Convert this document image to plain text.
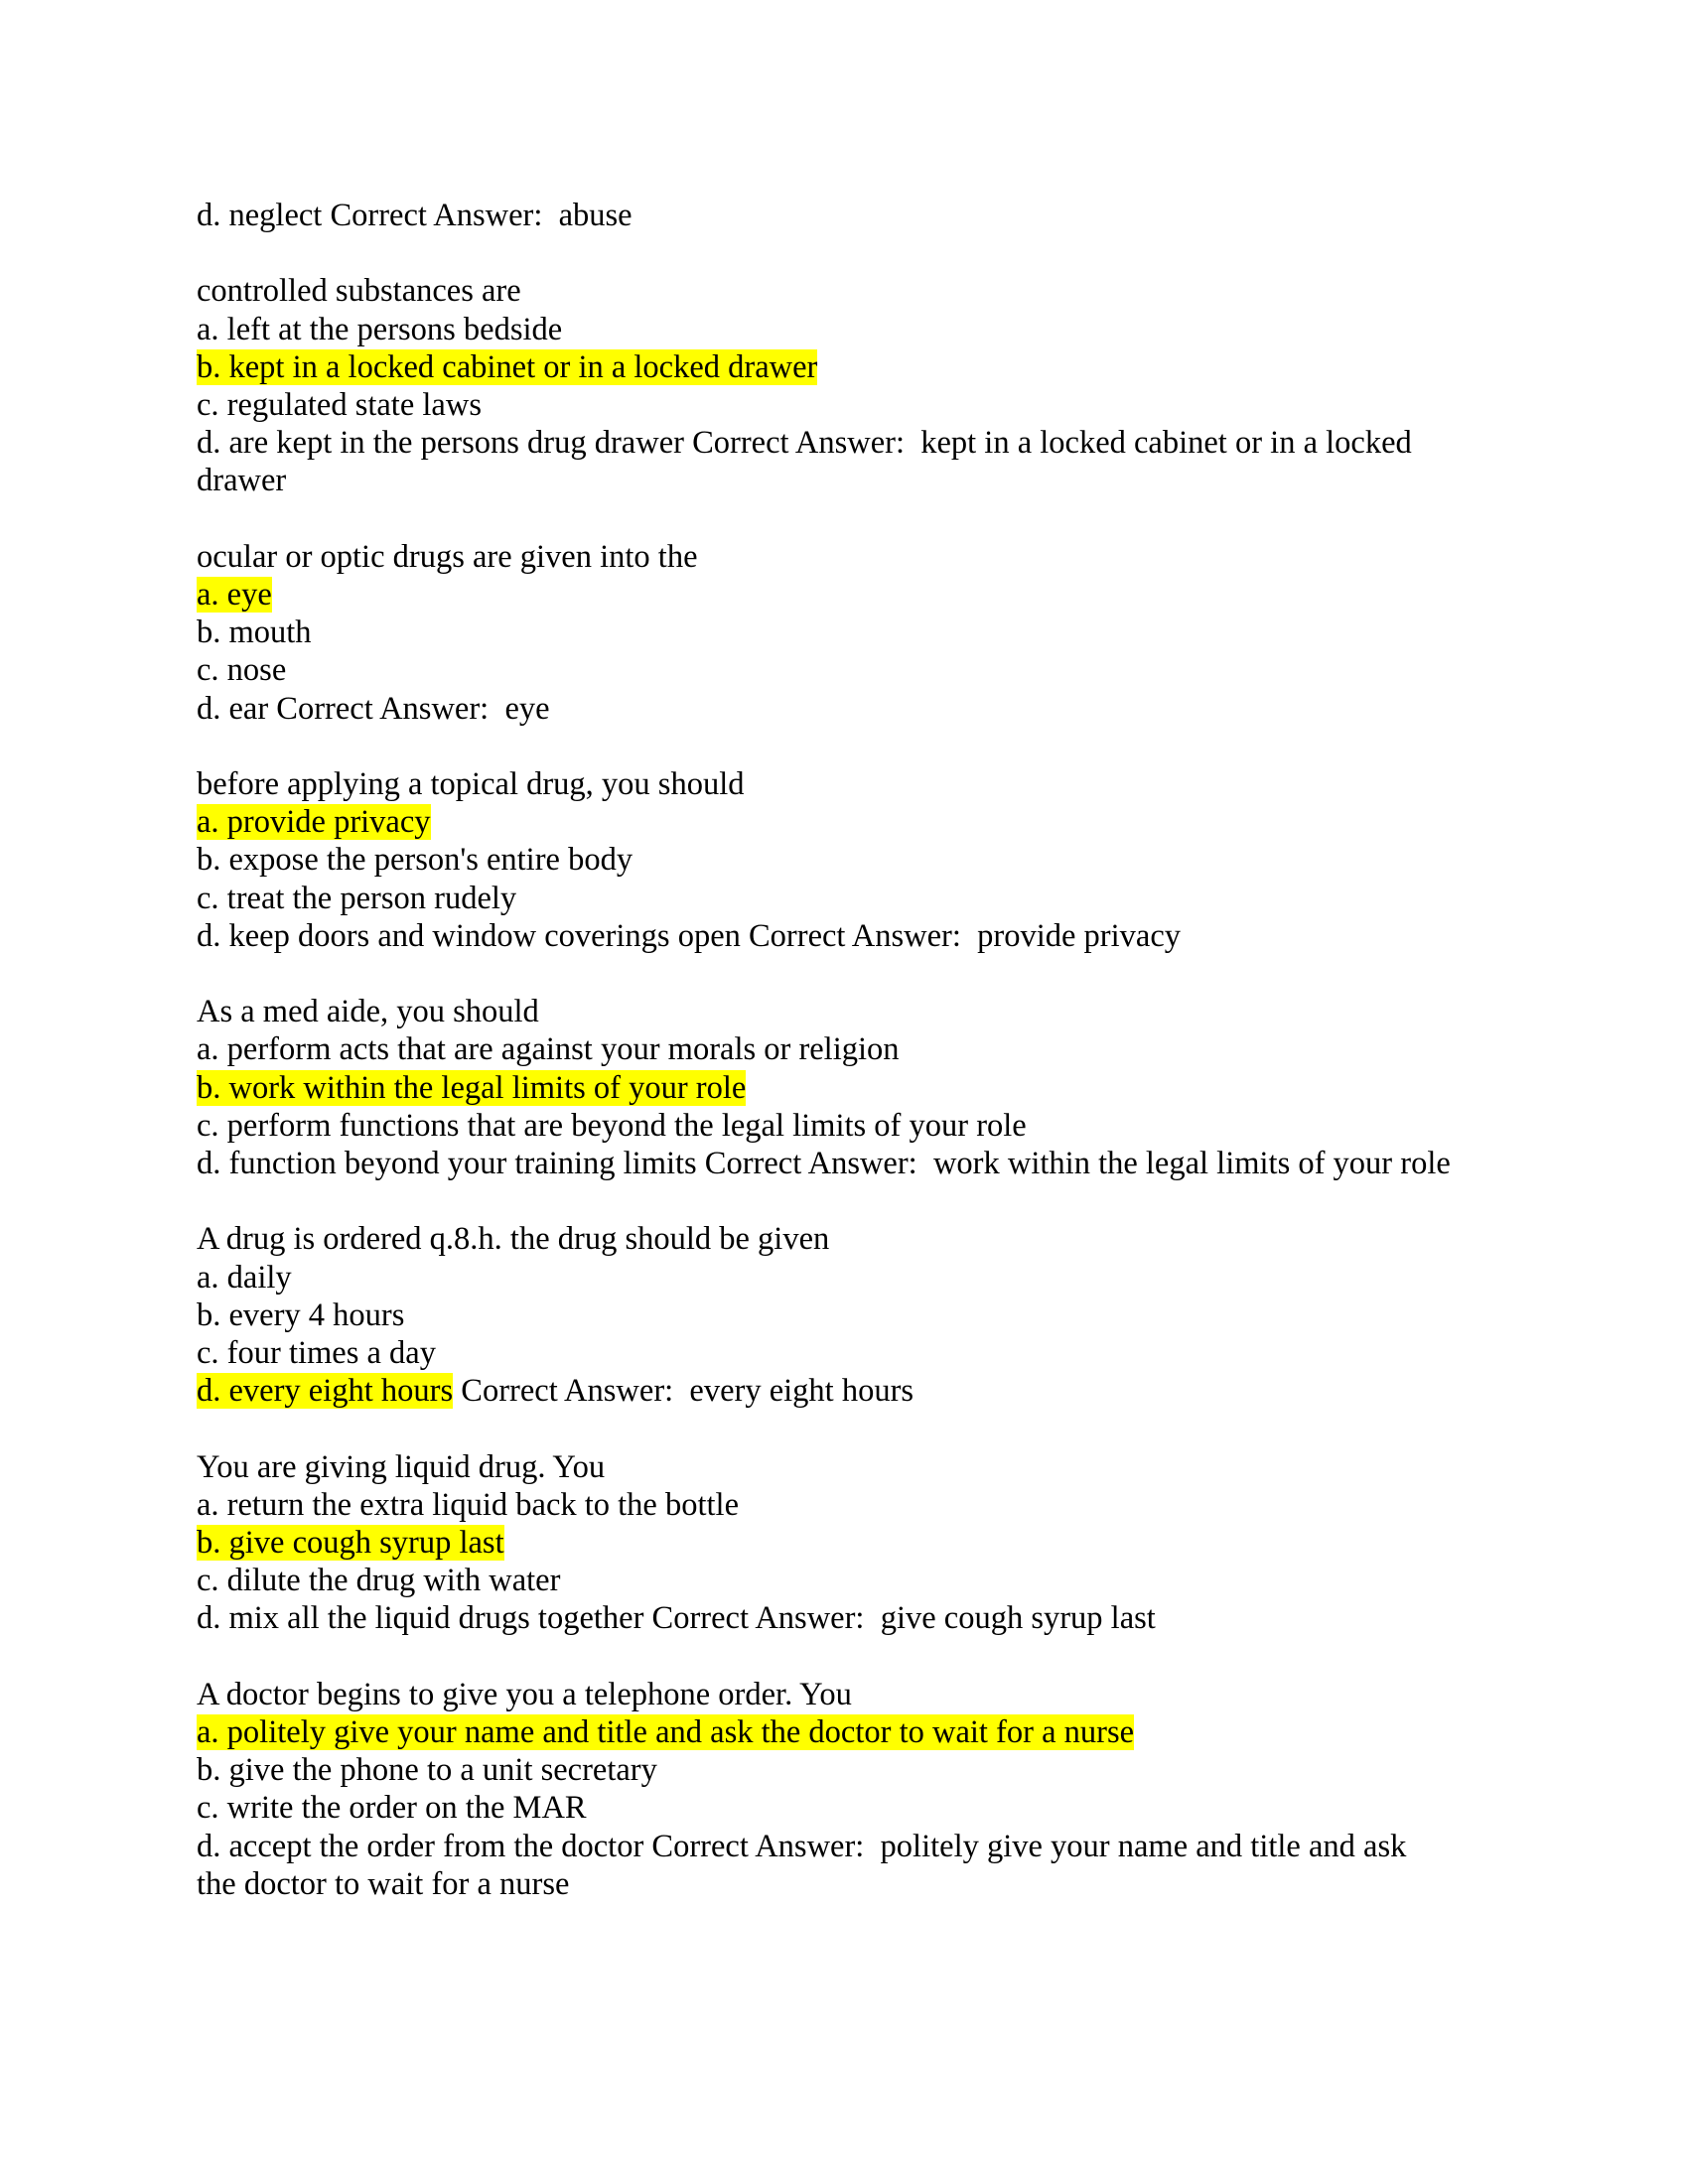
d. neglect Correct Answer:  abuse

controlled substances are

a. left at the persons bedside

b. kept in a locked cabinet or in a locked drawer

c. regulated state laws

d. are kept in the persons drug drawer Correct Answer:  kept in a locked cabinet or in a locked

drawer

ocular or optic drugs are given into the

a. eye

b. mouth

c. nose

d. ear Correct Answer:  eye

before applying a topical drug, you should

a. provide privacy

b. expose the person's entire body

c. treat the person rudely

d. keep doors and window coverings open Correct Answer:  provide privacy

As a med aide, you should

a. perform acts that are against your morals or religion

b. work within the legal limits of your role

c. perform functions that are beyond the legal limits of your role

d. function beyond your training limits Correct Answer:  work within the legal limits of your role

A drug is ordered q.8.h. the drug should be given

a. daily

b. every 4 hours

c. four times a day

d. every eight hours Correct Answer:  every eight hours

You are giving liquid drug. You

a. return the extra liquid back to the bottle

b. give cough syrup last

c. dilute the drug with water

d. mix all the liquid drugs together Correct Answer:  give cough syrup last

A doctor begins to give you a telephone order. You

a. politely give your name and title and ask the doctor to wait for a nurse

b. give the phone to a unit secretary

c. write the order on the MAR

d. accept the order from the doctor Correct Answer:  politely give your name and title and ask

the doctor to wait for a nurse
